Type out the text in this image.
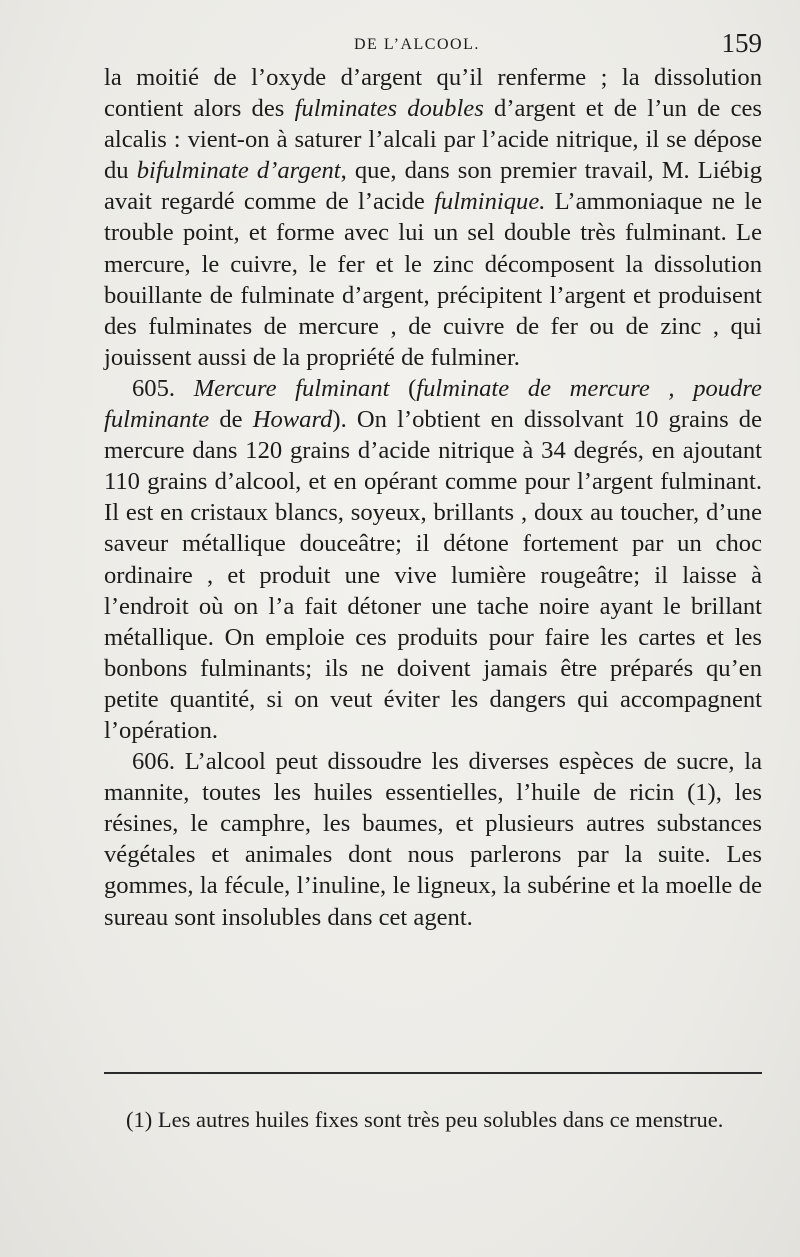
DE L’ALCOOL.	159

la moitié de l’oxyde d’argent qu’il renferme ; la dissolution contient alors des fulminates doubles d’argent et de l’un de ces alcalis : vient-on à saturer l’alcali par l’acide nitrique, il se dépose du bifulminate d’argent, que, dans son premier travail, M. Liébig avait regardé comme de l’acide fulminique. L’ammoniaque ne le trouble point, et forme avec lui un sel double très fulminant. Le mercure, le cuivre, le fer et le zinc décomposent la dissolution bouillante de fulminate d’argent, précipitent l’argent et produisent des fulminates de mercure , de cuivre de fer ou de zinc , qui jouissent aussi de la propriété de fulminer.

605. Mercure fulminant (fulminate de mercure , poudre fulminante de Howard). On l’obtient en dissolvant 10 grains de mercure dans 120 grains d’acide nitrique à 34 degrés, en ajoutant 110 grains d’alcool, et en opérant comme pour l’argent fulminant. Il est en cristaux blancs, soyeux, brillants , doux au toucher, d’une saveur métallique douceâtre; il détone fortement par un choc ordinaire , et produit une vive lumière rougeâtre; il laisse à l’endroit où on l’a fait détoner une tache noire ayant le brillant métallique. On emploie ces produits pour faire les cartes et les bonbons fulminants; ils ne doivent jamais être préparés qu’en petite quantité, si on veut éviter les dangers qui accompagnent l’opération.

606. L’alcool peut dissoudre les diverses espèces de sucre, la mannite, toutes les huiles essentielles, l’huile de ricin (1), les résines, le camphre, les baumes, et plusieurs autres substances végétales et animales dont nous parlerons par la suite. Les gommes, la fécule, l’inuline, le ligneux, la subérine et la moelle de sureau sont insolubles dans cet agent.

(1) Les autres huiles fixes sont très peu solubles dans ce menstrue.
